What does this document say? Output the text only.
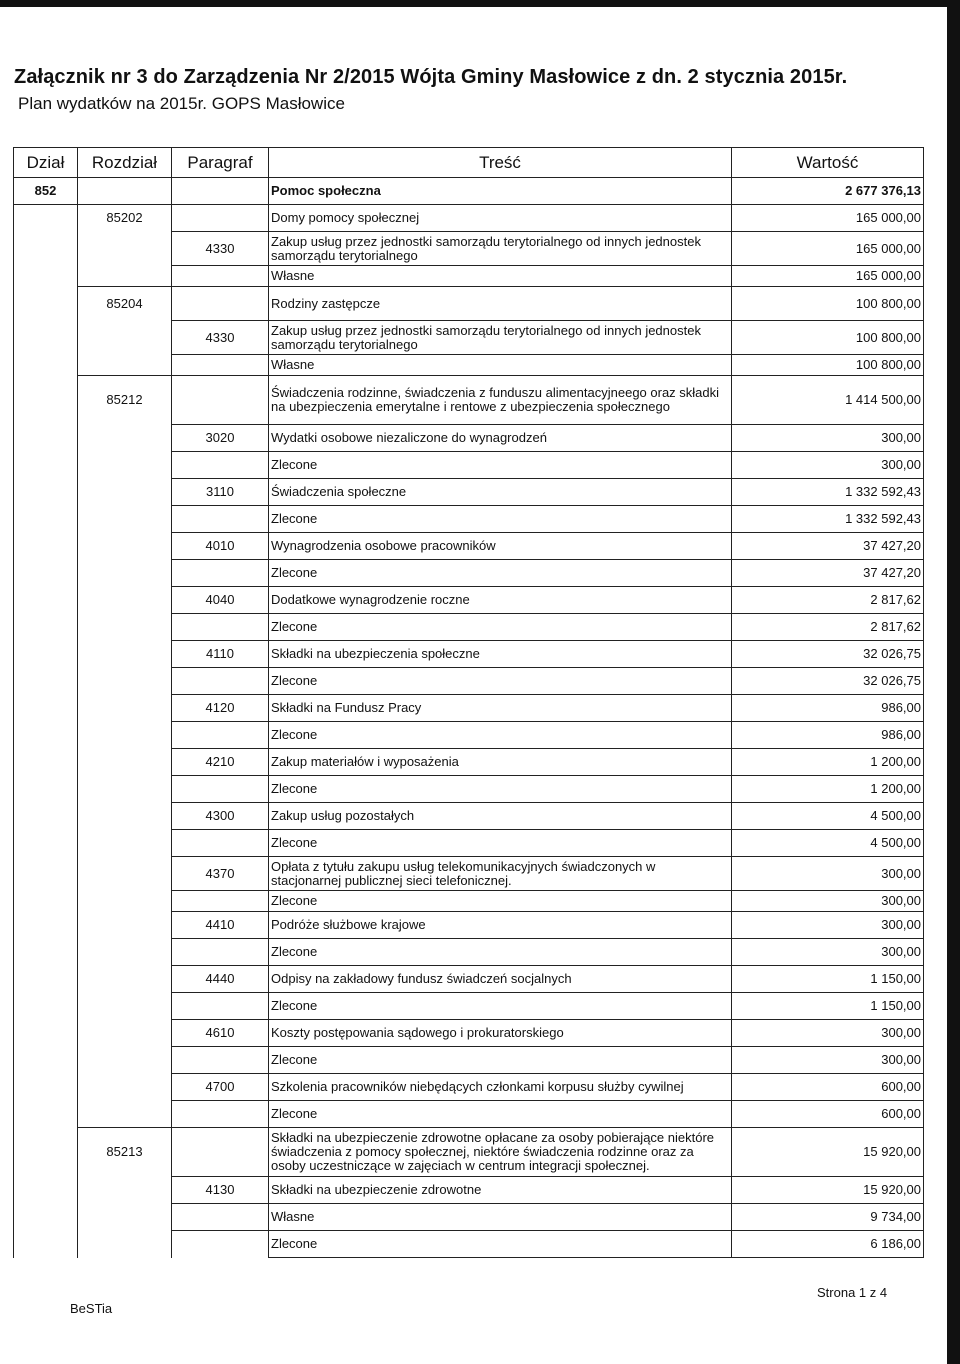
Załącznik nr 3 do Zarządzenia Nr 2/2015 Wójta Gminy Masłowice z dn. 2 stycznia 2015r.
Plan wydatków na 2015r. GOPS Masłowice
Dział	Rozdział	Paragraf	Treść	Wartość
852			Pomoc społeczna	2 677 376,13
	85202		Domy pomocy społecznej	165 000,00
		4330	Zakup usług przez jednostki samorządu terytorialnego od innych jednostek samorządu terytorialnego	165 000,00
			Własne	165 000,00
	85204		Rodziny zastępcze	100 800,00
		4330	Zakup usług przez jednostki samorządu terytorialnego od innych jednostek samorządu terytorialnego	100 800,00
			Własne	100 800,00
	85212		Świadczenia rodzinne, świadczenia z funduszu alimentacyjneego oraz składki na ubezpieczenia emerytalne i rentowe z ubezpieczenia społecznego	1 414 500,00
		3020	Wydatki osobowe niezaliczone do wynagrodzeń	300,00
			Zlecone	300,00
		3110	Świadczenia społeczne	1 332 592,43
			Zlecone	1 332 592,43
		4010	Wynagrodzenia osobowe pracowników	37 427,20
			Zlecone	37 427,20
		4040	Dodatkowe wynagrodzenie roczne	2 817,62
			Zlecone	2 817,62
		4110	Składki na ubezpieczenia społeczne	32 026,75
			Zlecone	32 026,75
		4120	Składki na Fundusz Pracy	986,00
			Zlecone	986,00
		4210	Zakup materiałów i wyposażenia	1 200,00
			Zlecone	1 200,00
		4300	Zakup usług pozostałych	4 500,00
			Zlecone	4 500,00
		4370	Opłata z tytułu zakupu usług telekomunikacyjnych świadczonych w stacjonarnej publicznej sieci telefonicznej.	300,00
			Zlecone	300,00
		4410	Podróże służbowe krajowe	300,00
			Zlecone	300,00
		4440	Odpisy na zakładowy fundusz świadczeń socjalnych	1 150,00
			Zlecone	1 150,00
		4610	Koszty postępowania sądowego i prokuratorskiego	300,00
			Zlecone	300,00
		4700	Szkolenia pracowników niebędących członkami korpusu służby cywilnej	600,00
			Zlecone	600,00
	85213		Składki na ubezpieczenie zdrowotne opłacane za osoby pobierające niektóre świadczenia z pomocy społecznej, niektóre świadczenia rodzinne oraz za osoby uczestniczące w zajęciach w centrum integracji społecznej.	15 920,00
		4130	Składki na ubezpieczenie zdrowotne	15 920,00
			Własne	9 734,00
			Zlecone	6 186,00
BeSTia
Strona 1 z 4
